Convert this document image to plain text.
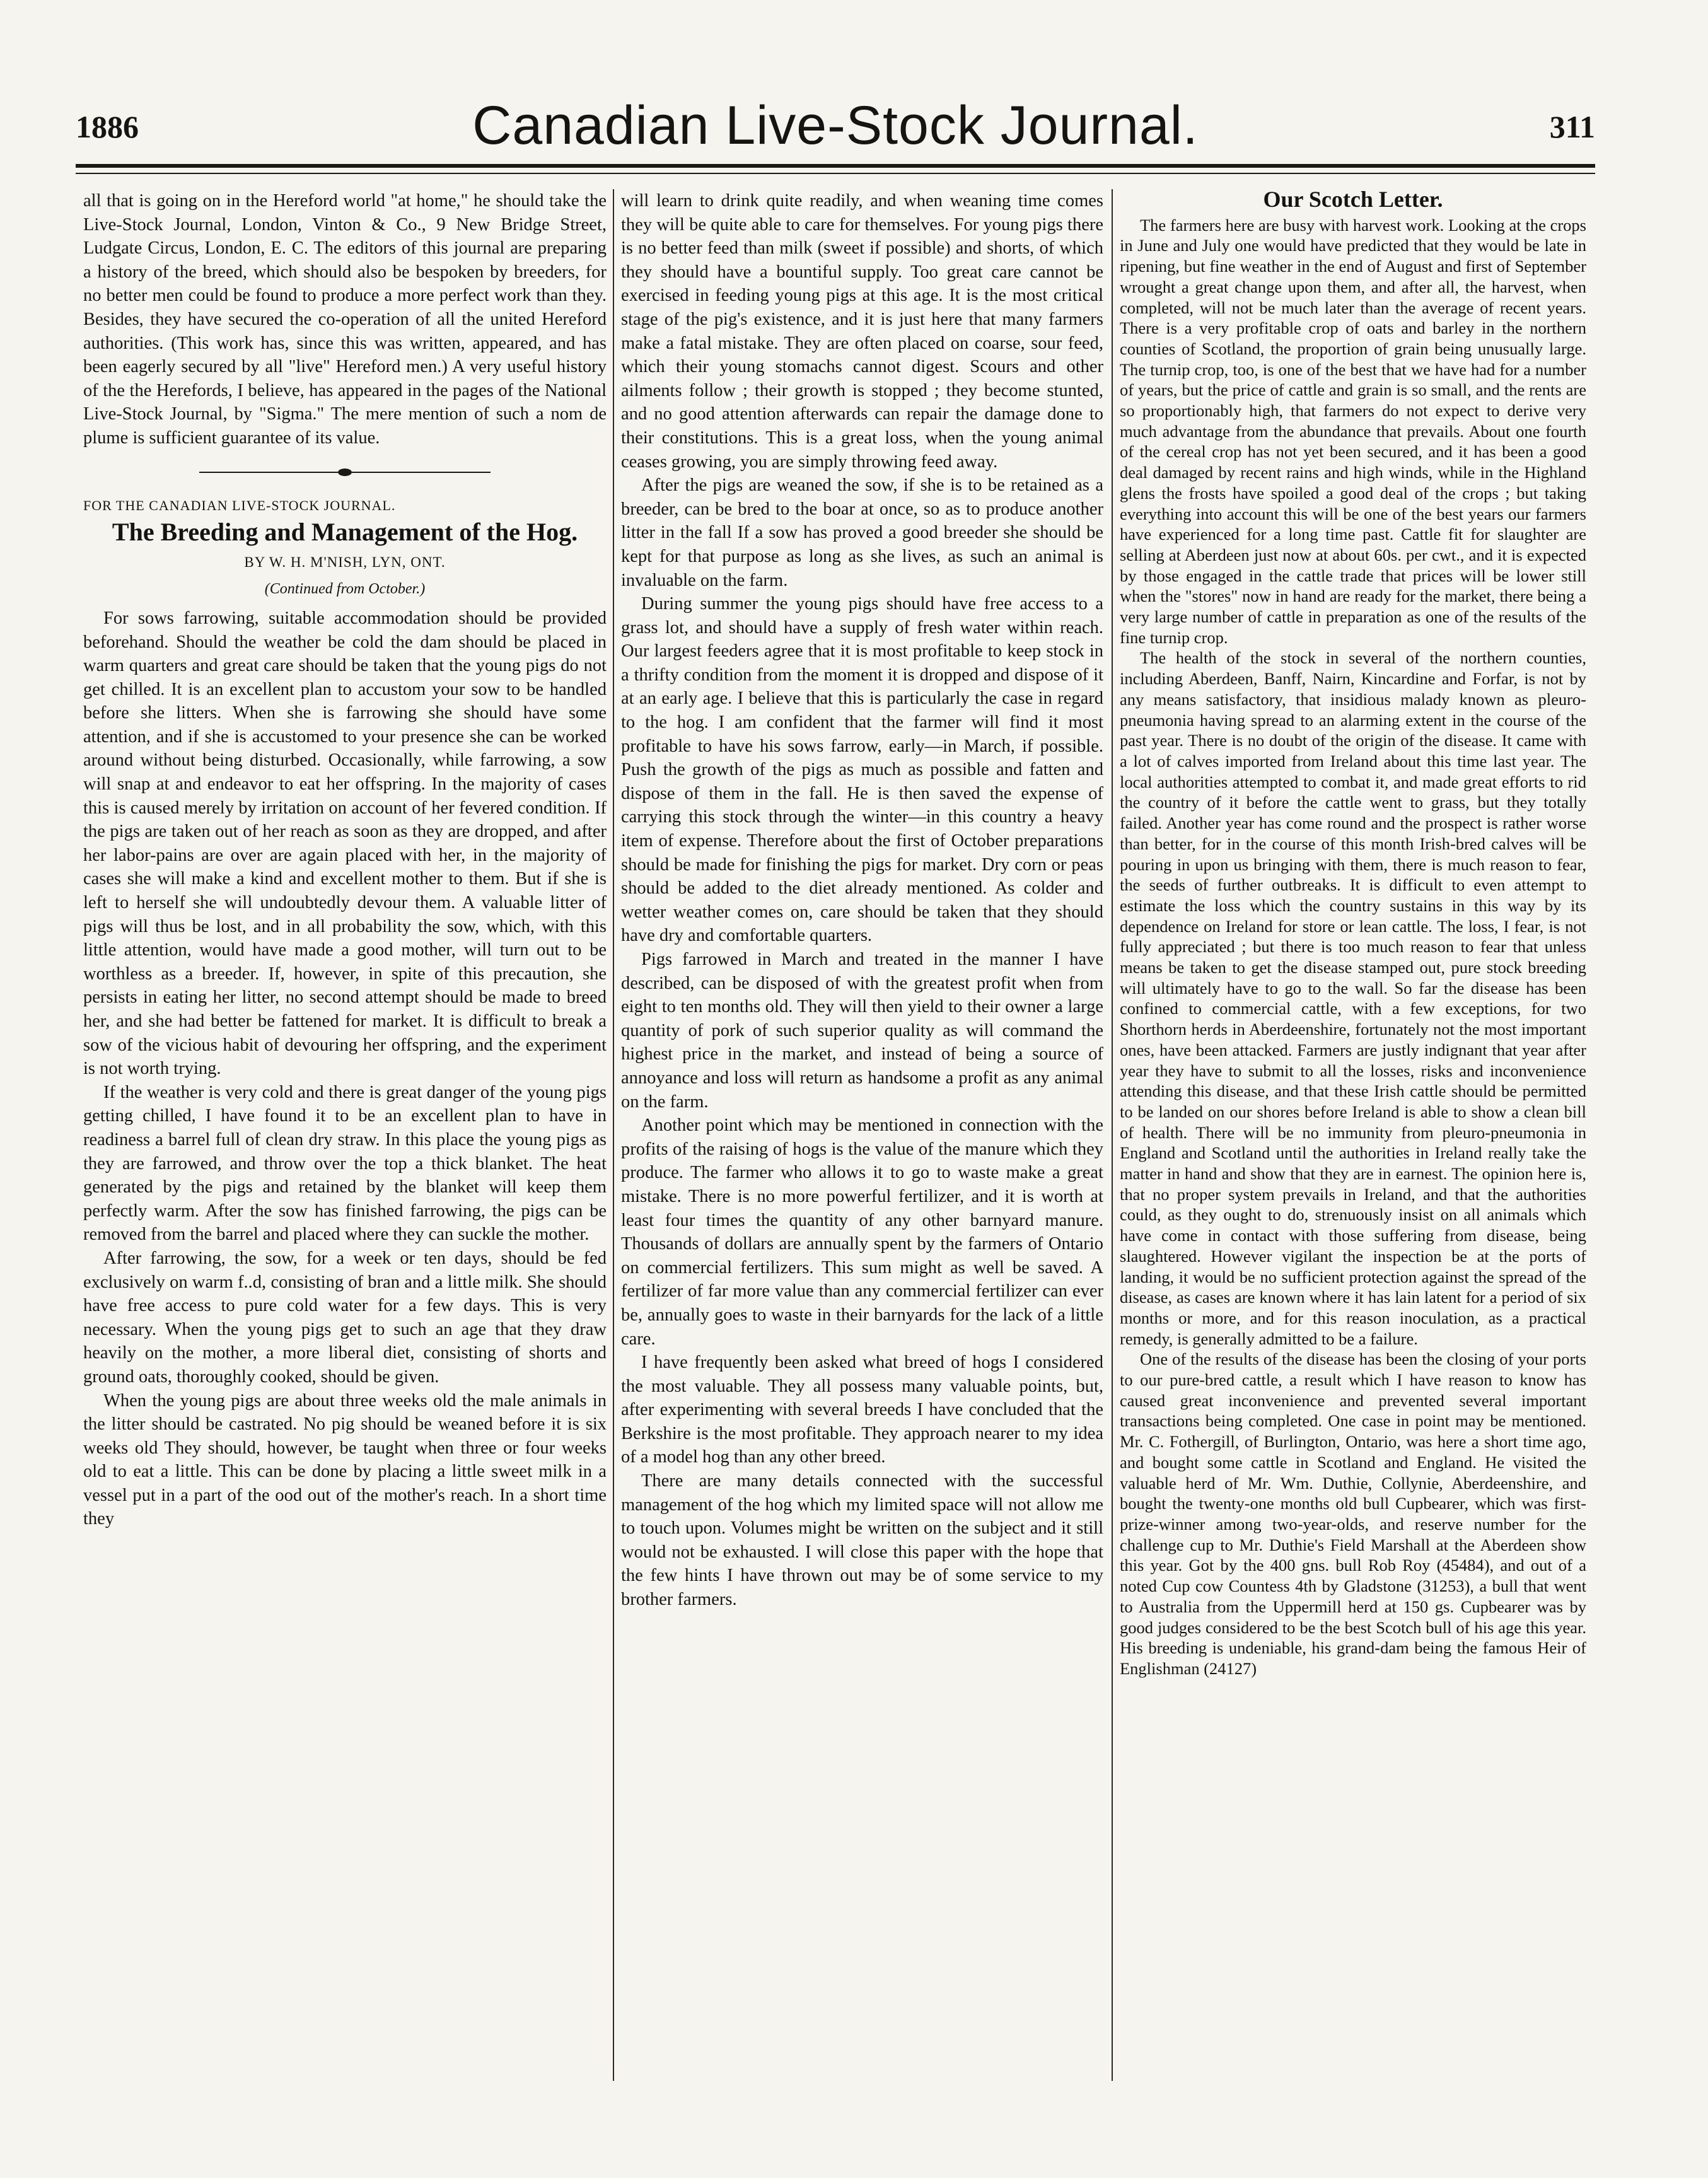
1886	Canadian Live-Stock Journal.	311

all that is going on in the Hereford world "at home," he should take the Live-Stock Journal, London, Vinton & Co., 9 New Bridge Street, Ludgate Circus, London, E. C. The editors of this journal are preparing a history of the breed, which should also be bespoken by breeders, for no better men could be found to produce a more perfect work than they. Besides, they have secured the co-operation of all the united Hereford authorities. (This work has, since this was written, appeared, and has been eagerly secured by all "live" Hereford men.) A very useful history of the the Herefords, I believe, has appeared in the pages of the National Live-Stock Journal, by "Sigma." The mere mention of such a nom de plume is sufficient guarantee of its value.

FOR THE CANADIAN LIVE-STOCK JOURNAL.

The Breeding and Management of the Hog.
BY W. H. M'NISH, LYN, ONT.
(Continued from October.)

For sows farrowing, suitable accommodation should be provided beforehand. Should the weather be cold the dam should be placed in warm quarters and great care should be taken that the young pigs do not get chilled. It is an excellent plan to accustom your sow to be handled before she litters. When she is farrowing she should have some attention, and if she is accustomed to your presence she can be worked around without being disturbed. Occasionally, while farrowing, a sow will snap at and endeavor to eat her offspring. In the majority of cases this is caused merely by irritation on account of her fevered condition. If the pigs are taken out of her reach as soon as they are dropped, and after her labor-pains are over are again placed with her, in the majority of cases she will make a kind and excellent mother to them. But if she is left to herself she will undoubtedly devour them. A valuable litter of pigs will thus be lost, and in all probability the sow, which, with this little attention, would have made a good mother, will turn out to be worthless as a breeder. If, however, in spite of this precaution, she persists in eating her litter, no second attempt should be made to breed her, and she had better be fattened for market. It is difficult to break a sow of the vicious habit of devouring her offspring, and the experiment is not worth trying.

If the weather is very cold and there is great danger of the young pigs getting chilled, I have found it to be an excellent plan to have in readiness a barrel full of clean dry straw. In this place the young pigs as they are farrowed, and throw over the top a thick blanket. The heat generated by the pigs and retained by the blanket will keep them perfectly warm. After the sow has finished farrowing, the pigs can be removed from the barrel and placed where they can suckle the mother.

After farrowing, the sow, for a week or ten days, should be fed exclusively on warm f..d, consisting of bran and a little milk. She should have free access to pure cold water for a few days. This is very necessary. When the young pigs get to such an age that they draw heavily on the mother, a more liberal diet, consisting of shorts and ground oats, thoroughly cooked, should be given.

When the young pigs are about three weeks old the male animals in the litter should be castrated. No pig should be weaned before it is six weeks old They should, however, be taught when three or four weeks old to eat a little. This can be done by placing a little sweet milk in a vessel put in a part of the ood out of the mother's reach. In a short time they

will learn to drink quite readily, and when weaning time comes they will be quite able to care for themselves. For young pigs there is no better feed than milk (sweet if possible) and shorts, of which they should have a bountiful supply. Too great care cannot be exercised in feeding young pigs at this age. It is the most critical stage of the pig's existence, and it is just here that many farmers make a fatal mistake. They are often placed on coarse, sour feed, which their young stomachs cannot digest. Scours and other ailments follow ; their growth is stopped ; they become stunted, and no good attention afterwards can repair the damage done to their constitutions. This is a great loss, when the young animal ceases growing, you are simply throwing feed away.

After the pigs are weaned the sow, if she is to be retained as a breeder, can be bred to the boar at once, so as to produce another litter in the fall If a sow has proved a good breeder she should be kept for that purpose as long as she lives, as such an animal is invaluable on the farm.

During summer the young pigs should have free access to a grass lot, and should have a supply of fresh water within reach. Our largest feeders agree that it is most profitable to keep stock in a thrifty condition from the moment it is dropped and dispose of it at an early age. I believe that this is particularly the case in regard to the hog. I am confident that the farmer will find it most profitable to have his sows farrow, early—in March, if possible. Push the growth of the pigs as much as possible and fatten and dispose of them in the fall. He is then saved the expense of carrying this stock through the winter—in this country a heavy item of expense. Therefore about the first of October preparations should be made for finishing the pigs for market. Dry corn or peas should be added to the diet already mentioned. As colder and wetter weather comes on, care should be taken that they should have dry and comfortable quarters.

Pigs farrowed in March and treated in the manner I have described, can be disposed of with the greatest profit when from eight to ten months old. They will then yield to their owner a large quantity of pork of such superior quality as will command the highest price in the market, and instead of being a source of annoyance and loss will return as handsome a profit as any animal on the farm.

Another point which may be mentioned in connection with the profits of the raising of hogs is the value of the manure which they produce. The farmer who allows it to go to waste make a great mistake. There is no more powerful fertilizer, and it is worth at least four times the quantity of any other barnyard manure. Thousands of dollars are annually spent by the farmers of Ontario on commercial fertilizers. This sum might as well be saved. A fertilizer of far more value than any commercial fertilizer can ever be, annually goes to waste in their barnyards for the lack of a little care.

I have frequently been asked what breed of hogs I considered the most valuable. They all possess many valuable points, but, after experimenting with several breeds I have concluded that the Berkshire is the most profitable. They approach nearer to my idea of a model hog than any other breed.

There are many details connected with the successful management of the hog which my limited space will not allow me to touch upon. Volumes might be written on the subject and it still would not be exhausted. I will close this paper with the hope that the few hints I have thrown out may be of some service to my brother farmers.

Our Scotch Letter.

The farmers here are busy with harvest work. Looking at the crops in June and July one would have predicted that they would be late in ripening, but fine weather in the end of August and first of September wrought a great change upon them, and after all, the harvest, when completed, will not be much later than the average of recent years. There is a very profitable crop of oats and barley in the northern counties of Scotland, the proportion of grain being unusually large. The turnip crop, too, is one of the best that we have had for a number of years, but the price of cattle and grain is so small, and the rents are so proportionably high, that farmers do not expect to derive very much advantage from the abundance that prevails. About one fourth of the cereal crop has not yet been secured, and it has been a good deal damaged by recent rains and high winds, while in the Highland glens the frosts have spoiled a good deal of the crops ; but taking everything into account this will be one of the best years our farmers have experienced for a long time past. Cattle fit for slaughter are selling at Aberdeen just now at about 60s. per cwt., and it is expected by those engaged in the cattle trade that prices will be lower still when the "stores" now in hand are ready for the market, there being a very large number of cattle in preparation as one of the results of the fine turnip crop.

The health of the stock in several of the northern counties, including Aberdeen, Banff, Nairn, Kincardine and Forfar, is not by any means satisfactory, that insidious malady known as pleuro-pneumonia having spread to an alarming extent in the course of the past year. There is no doubt of the origin of the disease. It came with a lot of calves imported from Ireland about this time last year. The local authorities attempted to combat it, and made great efforts to rid the country of it before the cattle went to grass, but they totally failed. Another year has come round and the prospect is rather worse than better, for in the course of this month Irish-bred calves will be pouring in upon us bringing with them, there is much reason to fear, the seeds of further outbreaks. It is difficult to even attempt to estimate the loss which the country sustains in this way by its dependence on Ireland for store or lean cattle. The loss, I fear, is not fully appreciated ; but there is too much reason to fear that unless means be taken to get the disease stamped out, pure stock breeding will ultimately have to go to the wall. So far the disease has been confined to commercial cattle, with a few exceptions, for two Shorthorn herds in Aberdeenshire, fortunately not the most important ones, have been attacked. Farmers are justly indignant that year after year they have to submit to all the losses, risks and inconvenience attending this disease, and that these Irish cattle should be permitted to be landed on our shores before Ireland is able to show a clean bill of health. There will be no immunity from pleuro-pneumonia in England and Scotland until the authorities in Ireland really take the matter in hand and show that they are in earnest. The opinion here is, that no proper system prevails in Ireland, and that the authorities could, as they ought to do, strenuously insist on all animals which have come in contact with those suffering from disease, being slaughtered. However vigilant the inspection be at the ports of landing, it would be no sufficient protection against the spread of the disease, as cases are known where it has lain latent for a period of six months or more, and for this reason inoculation, as a practical remedy, is generally admitted to be a failure.

One of the results of the disease has been the closing of your ports to our pure-bred cattle, a result which I have reason to know has caused great inconvenience and prevented several important transactions being completed. One case in point may be mentioned. Mr. C. Fothergill, of Burlington, Ontario, was here a short time ago, and bought some cattle in Scotland and England. He visited the valuable herd of Mr. Wm. Duthie, Collynie, Aberdeenshire, and bought the twenty-one months old bull Cupbearer, which was first-prize-winner among two-year-olds, and reserve number for the challenge cup to Mr. Duthie's Field Marshall at the Aberdeen show this year. Got by the 400 gns. bull Rob Roy (45484), and out of a noted Cup cow Countess 4th by Gladstone (31253), a bull that went to Australia from the Uppermill herd at 150 gs. Cupbearer was by good judges considered to be the best Scotch bull of his age this year. His breeding is undeniable, his grand-dam being the famous Heir of Englishman (24127)
